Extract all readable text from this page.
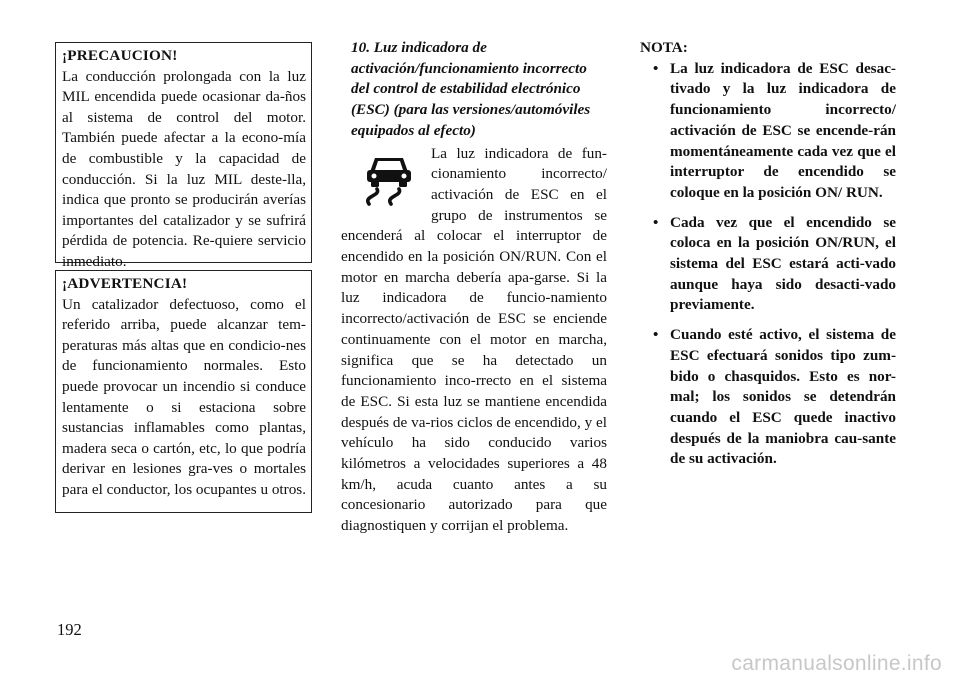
¡PRECAUCION!
La conducción prolongada con la luz MIL encendida puede ocasionar da-ños al sistema de control del motor. También puede afectar a la econo-mía de combustible y la capacidad de conducción. Si la luz MIL deste-lla, indica que pronto se producirán averías importantes del catalizador y se sufrirá pérdida de potencia. Re-quiere servicio inmediato.
¡ADVERTENCIA!
Un catalizador defectuoso, como el referido arriba, puede alcanzar tem-peraturas más altas que en condicio-nes de funcionamiento normales. Esto puede provocar un incendio si conduce lentamente o si estaciona sobre sustancias inflamables como plantas, madera seca o cartón, etc, lo que podría derivar en lesiones gra-ves o mortales para el conductor, los ocupantes u otros.
10. Luz indicadora de activación/funcionamiento incorrecto del control de estabilidad electrónico (ESC) (para las versiones/automóviles equipados al efecto)
La luz indicadora de fun-cionamiento incorrecto/ activación de ESC en el grupo de instrumentos se encenderá al colocar el interruptor de encendido en la posición ON/RUN. Con el motor en marcha debería apa-garse. Si la luz indicadora de funcio-namiento incorrecto/activación de ESC se enciende continuamente con el motor en marcha, significa que se ha detectado un funcionamiento inco-rrecto en el sistema de ESC. Si esta luz se mantiene encendida después de va-rios ciclos de encendido, y el vehículo ha sido conducido varios kilómetros a velocidades superiores a 48 km/h, acuda cuanto antes a su concesionario autorizado para que diagnostiquen y corrijan el problema.
NOTA:
• La luz indicadora de ESC desac-tivado y la luz indicadora de funcionamiento incorrecto/ activación de ESC se encende-rán momentáneamente cada vez que el interruptor de encendido se coloque en la posición ON/ RUN.
• Cada vez que el encendido se coloca en la posición ON/RUN, el sistema del ESC estará acti-vado aunque haya sido desacti-vado previamente.
• Cuando esté activo, el sistema de ESC efectuará sonidos tipo zum-bido o chasquidos. Esto es nor-mal; los sonidos se detendrán cuando el ESC quede inactivo después de la maniobra cau-sante de su activación.
192
carmanualsonline.info
